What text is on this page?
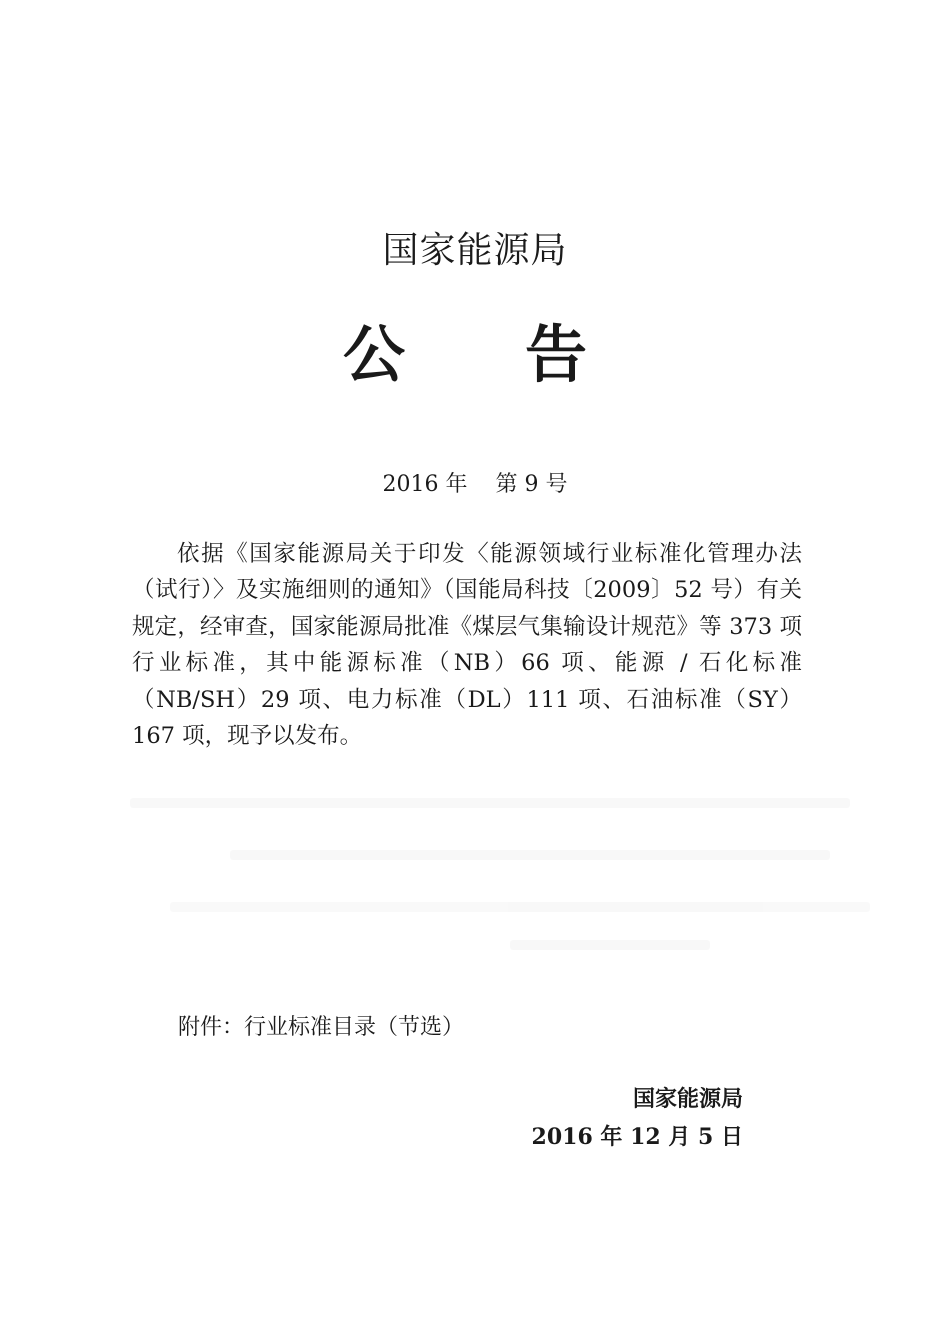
国家能源局
公 告
2016 年 第 9 号
依据《国家能源局关于印发〈能源领域行业标准化管理办法（试行）〉及实施细则的通知》（国能局科技〔2009〕52 号）有关规定，经审查，国家能源局批准《煤层气集输设计规范》等 373 项行业标准，其中能源标准（NB）66 项、能源 / 石化标准（NB/SH）29 项、电力标准（DL）111 项、石油标准（SY）167 项，现予以发布。
附件：行业标准目录（节选）
国家能源局
2016 年 12 月 5 日
